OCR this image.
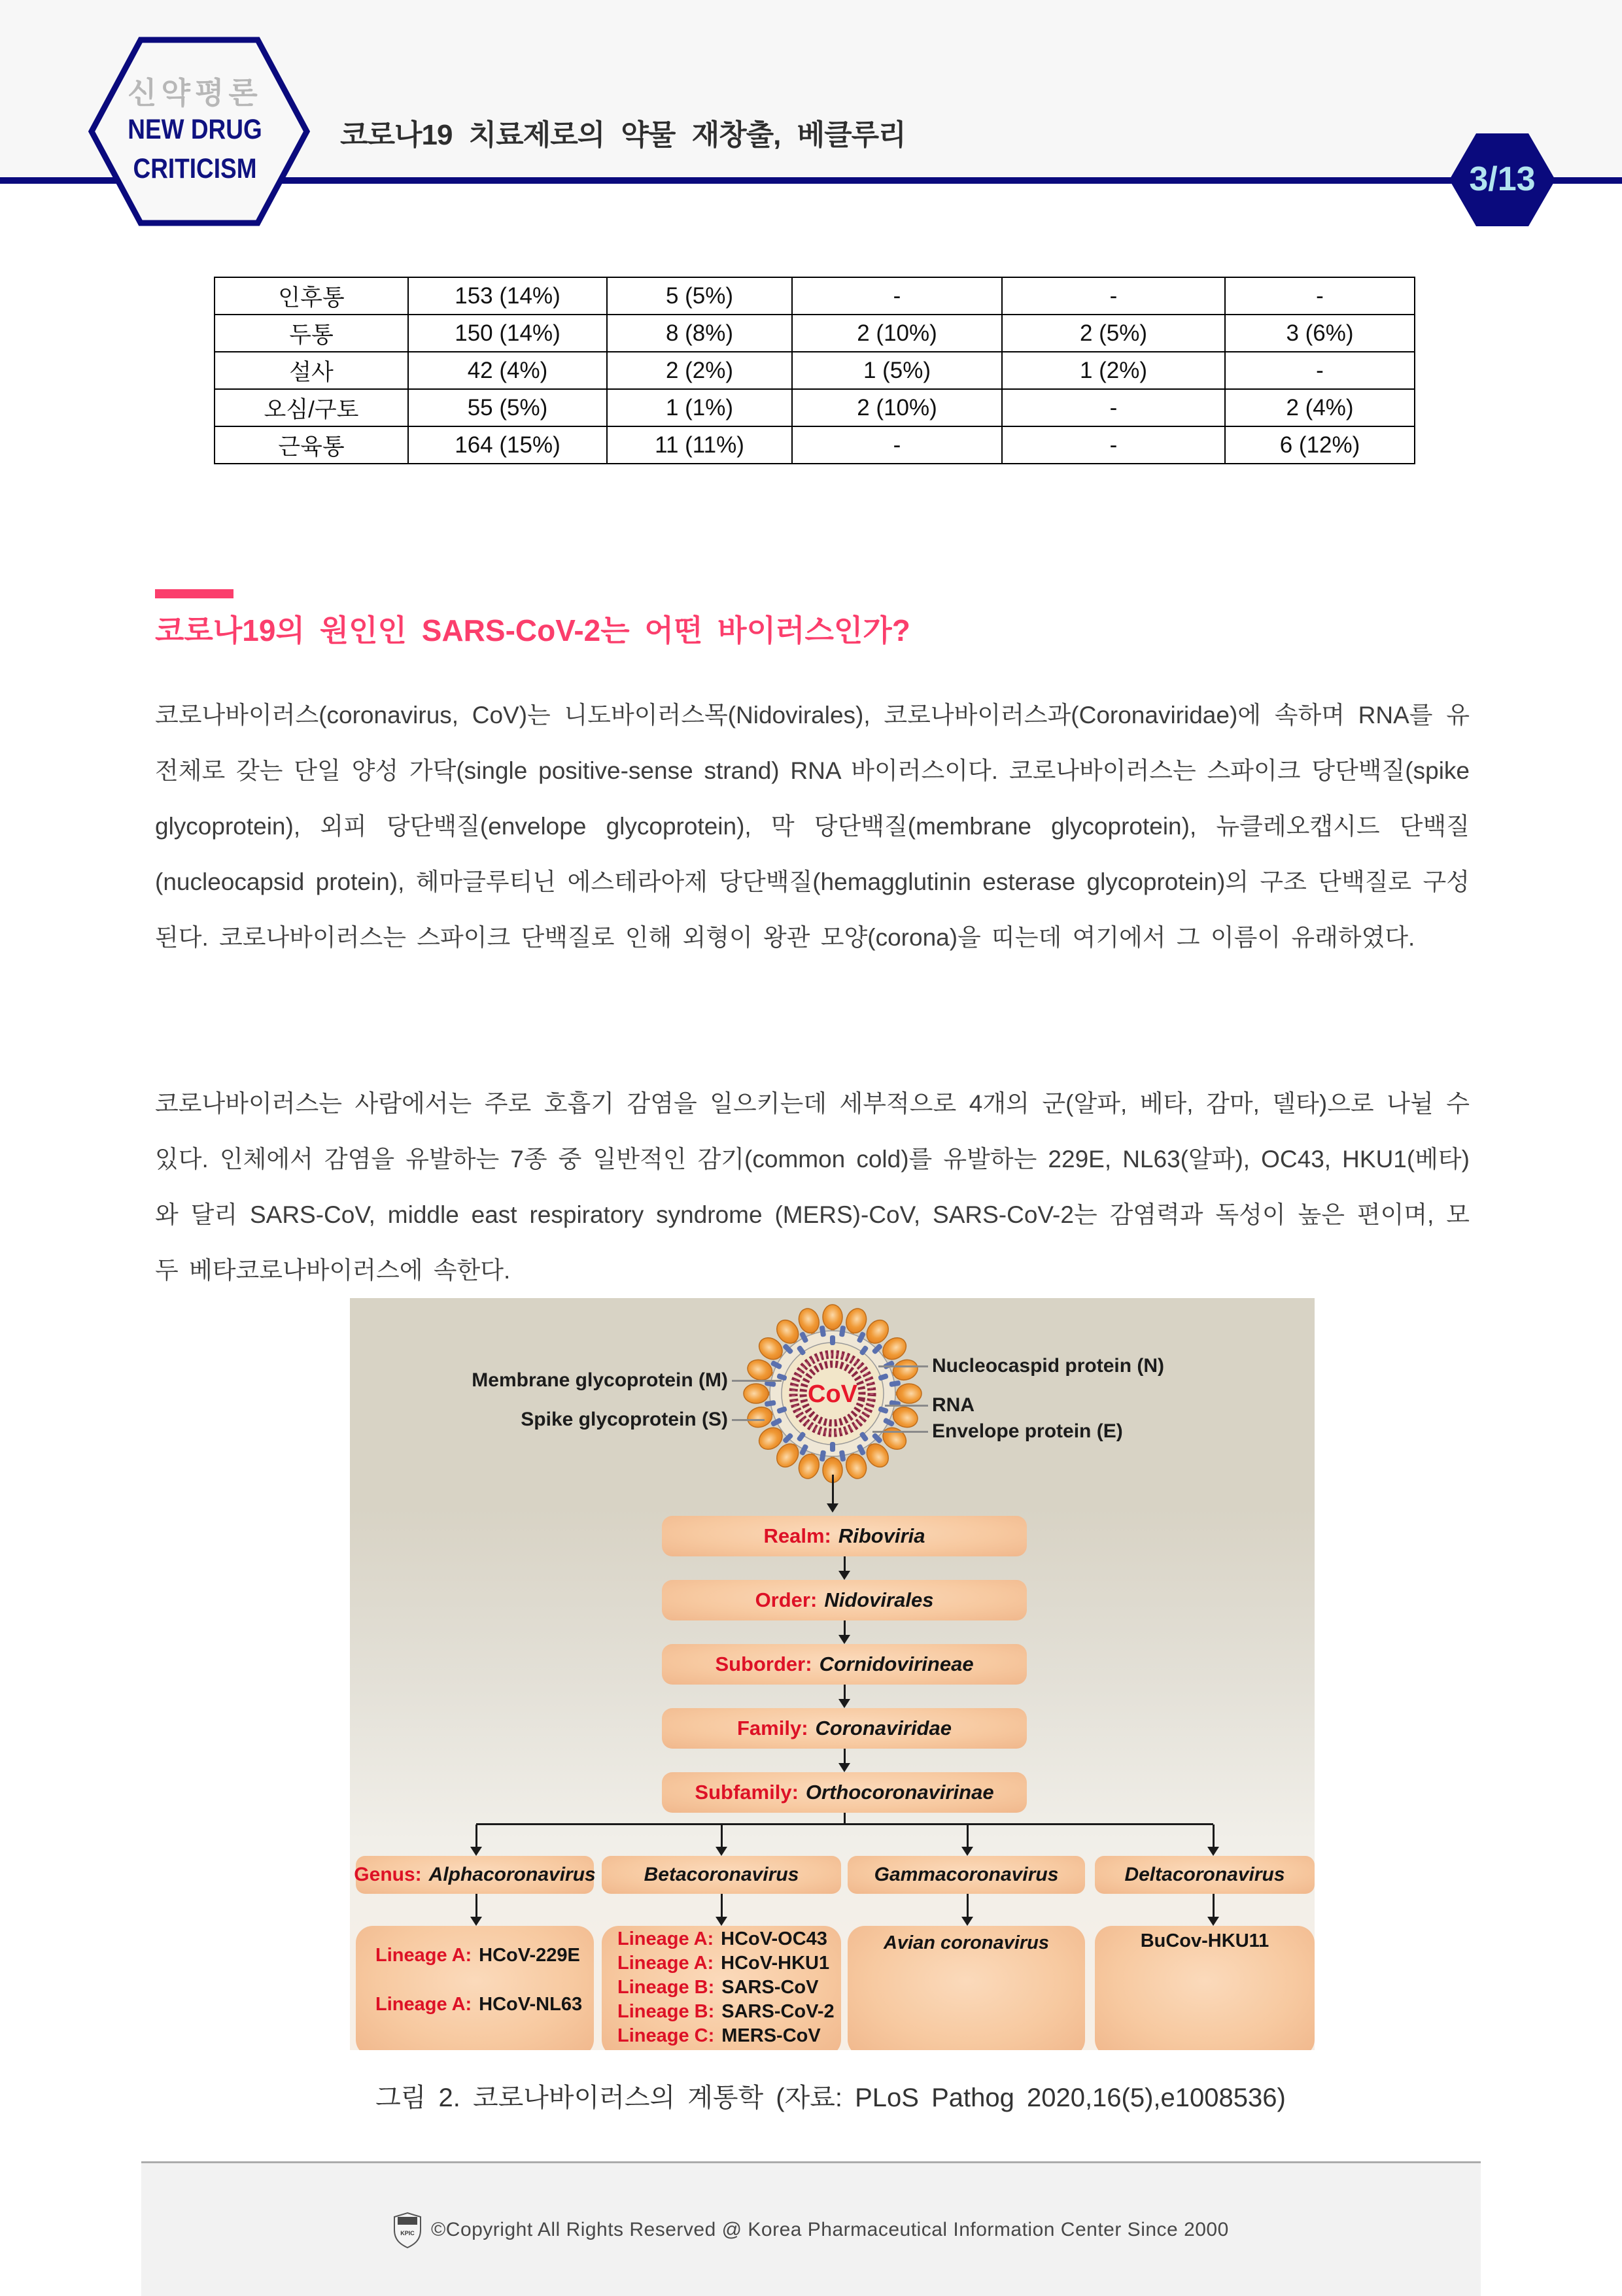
신약평론
NEW DRUG
CRITICISM
코로나19 치료제로의 약물 재창출, 베클루리
3/13
인후통	153 (14%)	5 (5%)	-	-	-
두통	150 (14%)	8 (8%)	2 (10%)	2 (5%)	3 (6%)
설사	42 (4%)	2 (2%)	1 (5%)	1 (2%)	-
오심/구토	55 (5%)	1 (1%)	2 (10%)	-	2 (4%)
근육통	164 (15%)	11 (11%)	-	-	6 (12%)
코로나19의 원인인 SARS-CoV-2는 어떤 바이러스인가?
코로나바이러스(coronavirus, CoV)는 니도바이러스목(Nidovirales), 코로나바이러스과(Coronaviridae)에 속하며 RNA를 유전체로 갖는 단일 양성 가닥(single positive-sense strand) RNA 바이러스이다. 코로나바이러스는 스파이크 당단백질(spike glycoprotein), 외피 당단백질(envelope glycoprotein), 막 당단백질(membrane glycoprotein), 뉴클레오캡시드 단백질(nucleocapsid protein), 헤마글루티닌 에스테라아제 당단백질(hemagglutinin esterase glycoprotein)의 구조 단백질로 구성된다. 코로나바이러스는 스파이크 단백질로 인해 외형이 왕관 모양(corona)을 띠는데 여기에서 그 이름이 유래하였다.
코로나바이러스는 사람에서는 주로 호흡기 감염을 일으키는데 세부적으로 4개의 군(알파, 베타, 감마, 델타)으로 나뉠 수 있다. 인체에서 감염을 유발하는 7종 중 일반적인 감기(common cold)를 유발하는 229E, NL63(알파), OC43, HKU1(베타)와 달리 SARS-CoV, middle east respiratory syndrome (MERS)-CoV, SARS-CoV-2는 감염력과 독성이 높은 편이며, 모두 베타코로나바이러스에 속한다.
CoV
Membrane glycoprotein (M)
Spike glycoprotein (S)
Nucleocaspid protein (N)
RNA
Envelope protein (E)
Realm: Riboviria
Order: Nidovirales
Suborder: Cornidovirineae
Family: Coronaviridae
Subfamily: Orthocoronavirinae
Genus: Alphacoronavirus Betacoronavirus	Gammacoronavirus	Deltacoronavirus
Lineage A: HCoV-229E
Lineage A: HCoV-NL63
Lineage A: HCoV-OC43
Lineage A: HCoV-HKU1
Lineage B: SARS-CoV
Lineage B: SARS-CoV-2
Lineage C: MERS-CoV
Avian coronavirus	BuCov-HKU11
그림 2. 코로나바이러스의 계통학 (자료: PLoS Pathog 2020,16(5),e1008536)
KPIC ©Copyright All Rights Reserved @ Korea Pharmaceutical Information Center Since 2000
